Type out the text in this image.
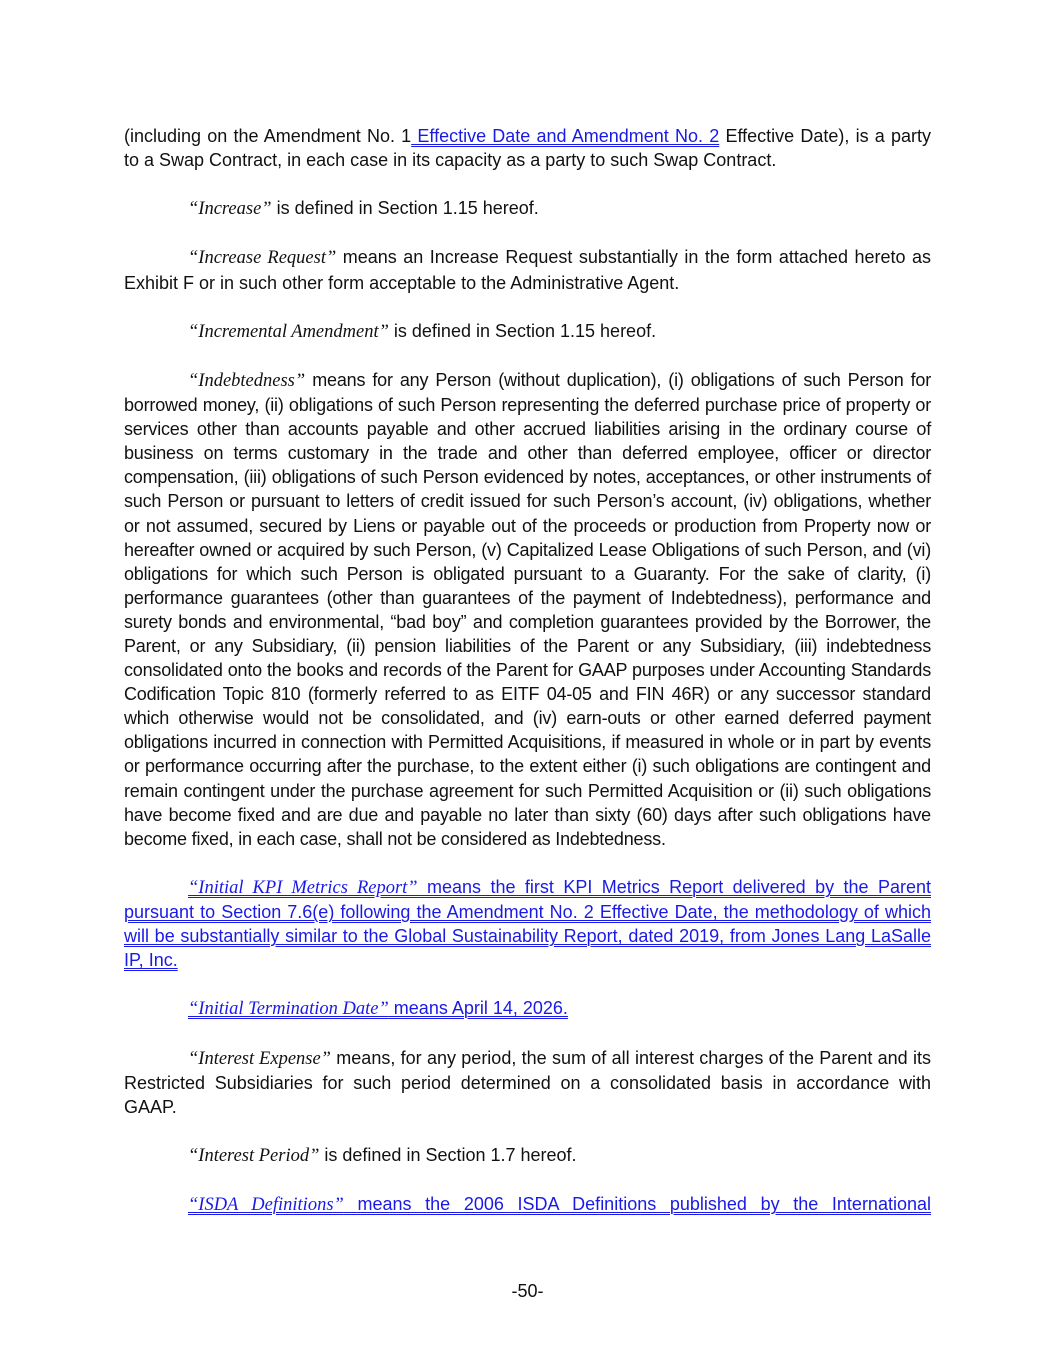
(including on the Amendment No. 1 Effective Date and Amendment No. 2 Effective Date), is a party to a Swap Contract, in each case in its capacity as a party to such Swap Contract.

“Increase” is defined in Section 1.15 hereof.

“Increase Request” means an Increase Request substantially in the form attached hereto as Exhibit F or in such other form acceptable to the Administrative Agent.

“Incremental Amendment” is defined in Section 1.15 hereof.

“Indebtedness” means for any Person (without duplication), (i) obligations of such Person for borrowed money, (ii) obligations of such Person representing the deferred purchase price of property or services other than accounts payable and other accrued liabilities arising in the ordinary course of business on terms customary in the trade and other than deferred employee, officer or director compensation, (iii) obligations of such Person evidenced by notes, acceptances, or other instruments of such Person or pursuant to letters of credit issued for such Person’s account, (iv) obligations, whether or not assumed, secured by Liens or payable out of the proceeds or production from Property now or hereafter owned or acquired by such Person, (v) Capitalized Lease Obligations of such Person, and (vi) obligations for which such Person is obligated pursuant to a Guaranty. For the sake of clarity, (i) performance guarantees (other than guarantees of the payment of Indebtedness), performance and surety bonds and environmental, “bad boy” and completion guarantees provided by the Borrower, the Parent, or any Subsidiary, (ii) pension liabilities of the Parent or any Subsidiary, (iii) indebtedness consolidated onto the books and records of the Parent for GAAP purposes under Accounting Standards Codification Topic 810 (formerly referred to as EITF 04-05 and FIN 46R) or any successor standard which otherwise would not be consolidated, and (iv) earn-outs or other earned deferred payment obligations incurred in connection with Permitted Acquisitions, if measured in whole or in part by events or performance occurring after the purchase, to the extent either (i) such obligations are contingent and remain contingent under the purchase agreement for such Permitted Acquisition or (ii) such obligations have become fixed and are due and payable no later than sixty (60) days after such obligations have become fixed, in each case, shall not be considered as Indebtedness.

“Initial KPI Metrics Report” means the first KPI Metrics Report delivered by the Parent pursuant to Section 7.6(e) following the Amendment No. 2 Effective Date, the methodology of which will be substantially similar to the Global Sustainability Report, dated 2019, from Jones Lang LaSalle IP, Inc.

“Initial Termination Date” means April 14, 2026.

“Interest Expense” means, for any period, the sum of all interest charges of the Parent and its Restricted Subsidiaries for such period determined on a consolidated basis in accordance with GAAP.

“Interest Period” is defined in Section 1.7 hereof.

“ISDA Definitions” means the 2006 ISDA Definitions published by the International

-50-
